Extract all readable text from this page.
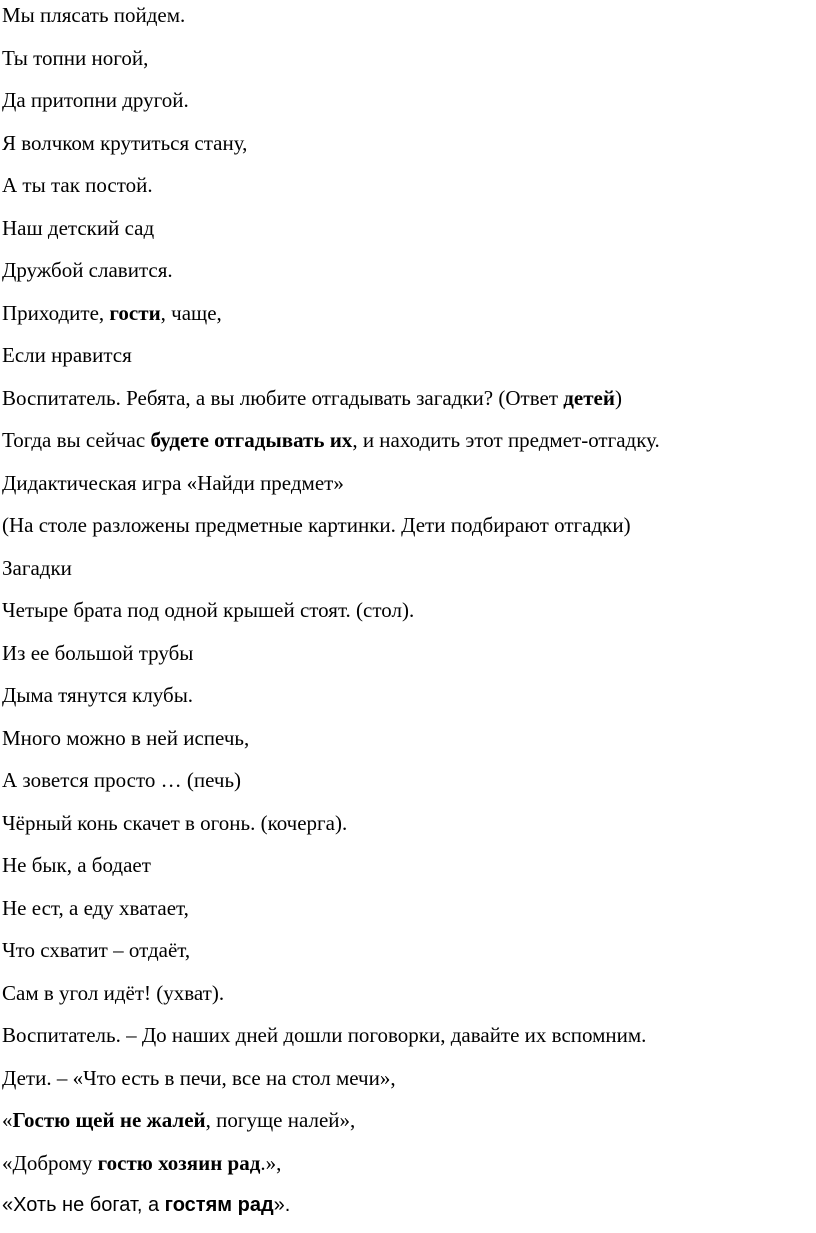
Мы плясать пойдем.
Ты топни ногой,
Да притопни другой.
Я волчком крутиться стану,
А ты так постой.
Наш детский сад
Дружбой славится.
Приходите, гости, чаще,
Если нравится
Воспитатель. Ребята, а вы любите отгадывать загадки? (Ответ детей)
Тогда вы сейчас будете отгадывать их, и находить этот предмет-отгадку.
Дидактическая игра «Найди предмет»
(На столе разложены предметные картинки. Дети подбирают отгадки)
Загадки
Четыре брата под одной крышей стоят. (стол).
Из ее большой трубы
Дыма тянутся клубы.
Много можно в ней испечь,
А зовется просто … (печь)
Чёрный конь скачет в огонь. (кочерга).
Не бык, а бодает
Не ест, а еду хватает,
Что схватит – отдаёт,
Сам в угол идёт! (ухват).
Воспитатель. – До наших дней дошли поговорки, давайте их вспомним.
Дети. – «Что есть в печи, все на стол мечи»,
«Гостю щей не жалей, погуще налей»,
«Доброму гостю хозяин рад.»,
«Хоть не богат, а гостям рад».
